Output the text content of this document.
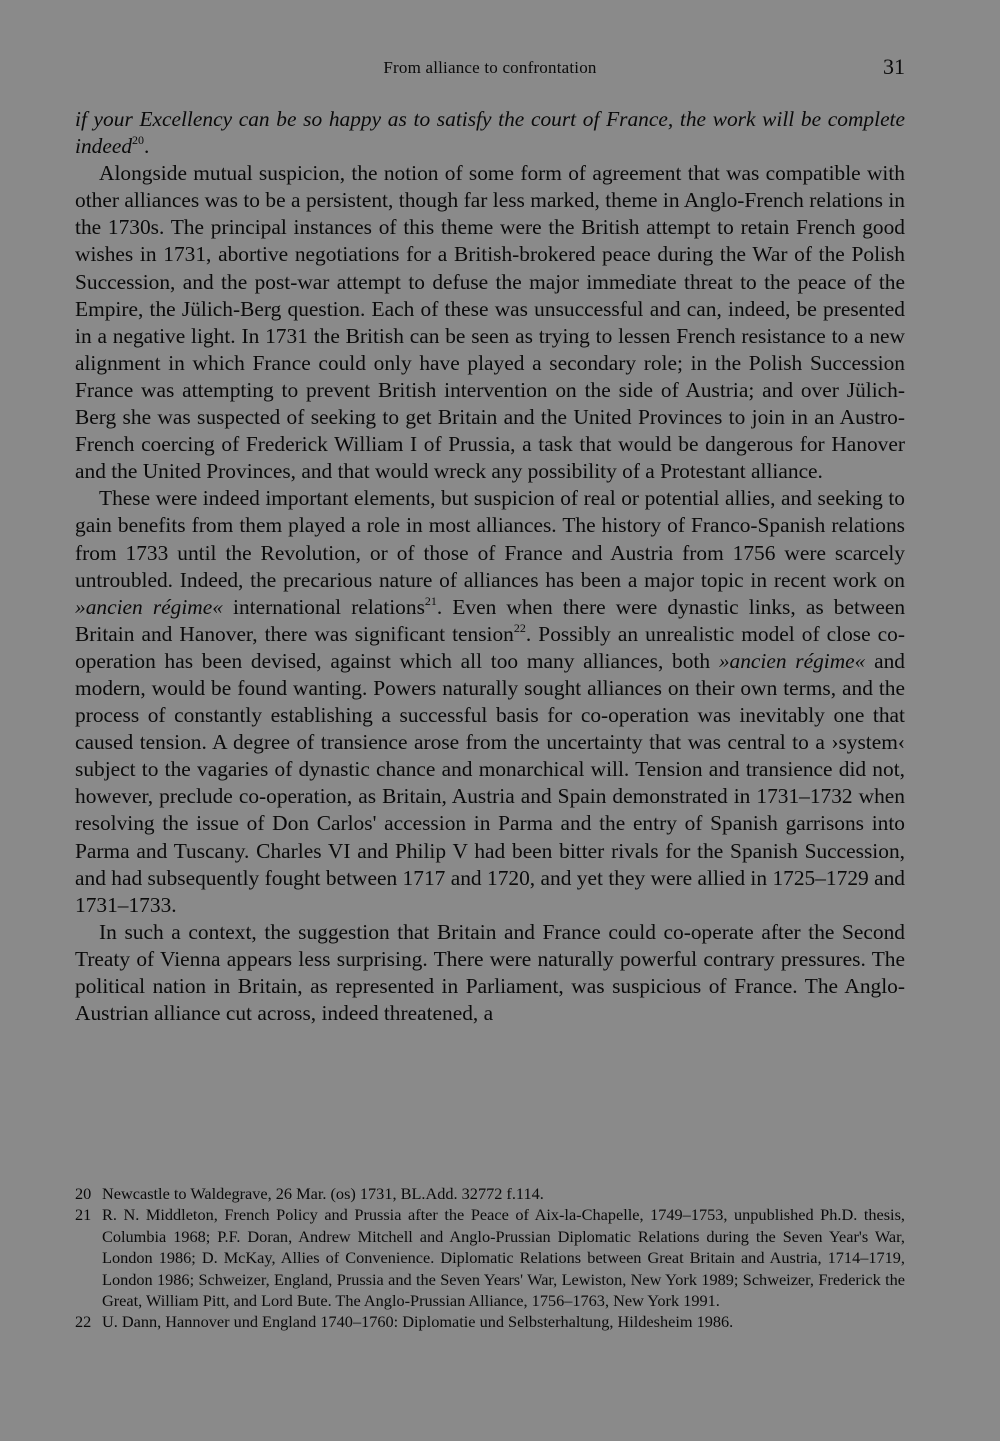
From alliance to confrontation	31

if your Excellency can be so happy as to satisfy the court of France, the work will be complete indeed$^{20}$.

Alongside mutual suspicion, the notion of some form of agreement that was compatible with other alliances was to be a persistent, though far less marked, theme in Anglo-French relations in the 1730s. The principal instances of this theme were the British attempt to retain French good wishes in 1731, abortive negotiations for a British-brokered peace during the War of the Polish Succession, and the post-war attempt to defuse the major immediate threat to the peace of the Empire, the Jülich-Berg question. Each of these was unsuccessful and can, indeed, be presented in a negative light. In 1731 the British can be seen as trying to lessen French resistance to a new alignment in which France could only have played a secondary role; in the Polish Succession France was attempting to prevent British intervention on the side of Austria; and over Jülich-Berg she was suspected of seeking to get Britain and the United Provinces to join in an Austro-French coercing of Frederick William I of Prussia, a task that would be dangerous for Hanover and the United Provinces, and that would wreck any possibility of a Protestant alliance.

These were indeed important elements, but suspicion of real or potential allies, and seeking to gain benefits from them played a role in most alliances. The history of Franco-Spanish relations from 1733 until the Revolution, or of those of France and Austria from 1756 were scarcely untroubled. Indeed, the precarious nature of alliances has been a major topic in recent work on »ancien régime« international relations$^{21}$. Even when there were dynastic links, as between Britain and Hanover, there was significant tension$^{22}$. Possibly an unrealistic model of close co-operation has been devised, against which all too many alliances, both »ancien régime« and modern, would be found wanting. Powers naturally sought alliances on their own terms, and the process of constantly establishing a successful basis for co-operation was inevitably one that caused tension. A degree of transience arose from the uncertainty that was central to a ›system‹ subject to the vagaries of dynastic chance and monarchical will. Tension and transience did not, however, preclude co-operation, as Britain, Austria and Spain demonstrated in 1731–1732 when resolving the issue of Don Carlos' accession in Parma and the entry of Spanish garrisons into Parma and Tuscany. Charles VI and Philip V had been bitter rivals for the Spanish Succession, and had subsequently fought between 1717 and 1720, and yet they were allied in 1725–1729 and 1731–1733.

In such a context, the suggestion that Britain and France could co-operate after the Second Treaty of Vienna appears less surprising. There were naturally powerful contrary pressures. The political nation in Britain, as represented in Parliament, was suspicious of France. The Anglo-Austrian alliance cut across, indeed threatened, a

20 Newcastle to Waldegrave, 26 Mar. (os) 1731, BL.Add. 32772 f.114.
21 R. N. Middleton, French Policy and Prussia after the Peace of Aix-la-Chapelle, 1749–1753, unpublished Ph.D. thesis, Columbia 1968; P.F. Doran, Andrew Mitchell and Anglo-Prussian Diplomatic Relations during the Seven Year's War, London 1986; D. McKay, Allies of Convenience. Diplomatic Relations between Great Britain and Austria, 1714–1719, London 1986; Schweizer, England, Prussia and the Seven Years' War, Lewiston, New York 1989; Schweizer, Frederick the Great, William Pitt, and Lord Bute. The Anglo-Prussian Alliance, 1756–1763, New York 1991.
22 U. Dann, Hannover und England 1740–1760: Diplomatie und Selbsterhaltung, Hildesheim 1986.
